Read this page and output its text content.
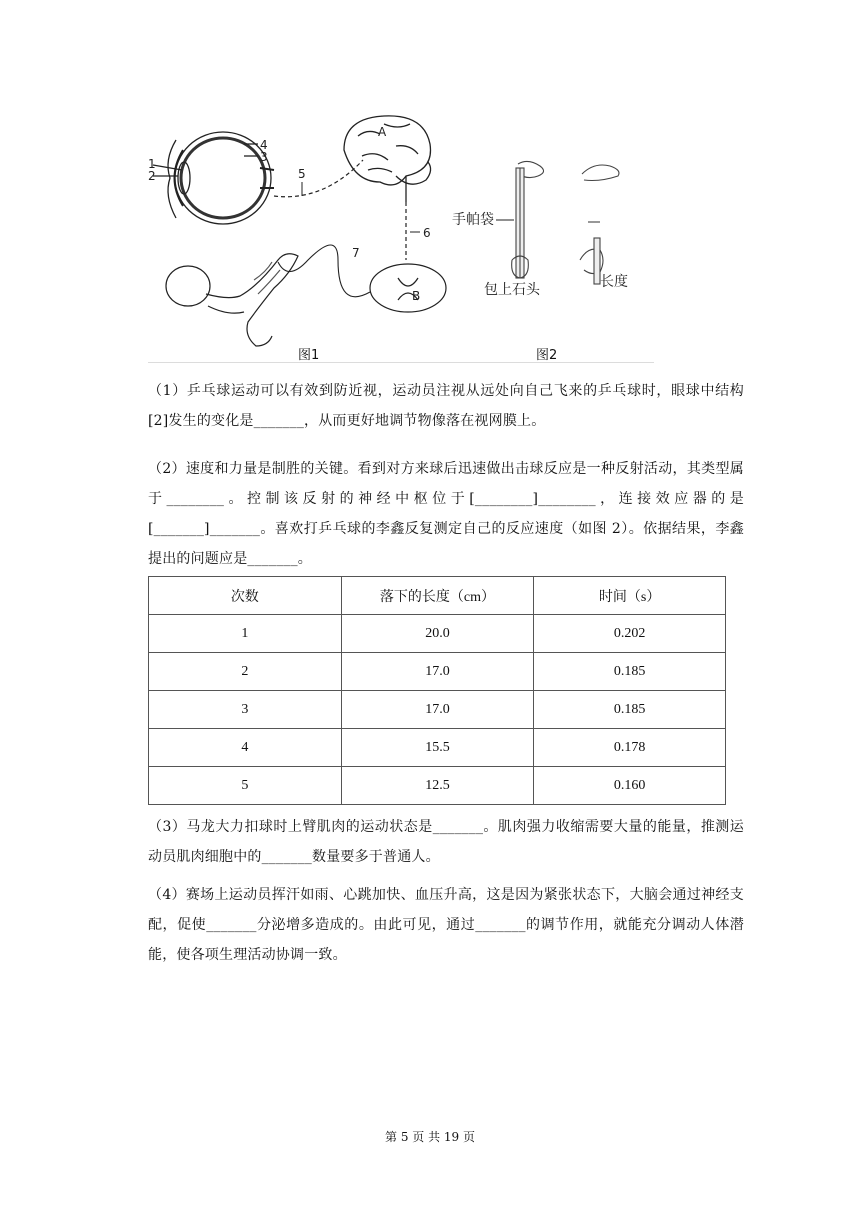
1
2
4
3
5
A
6
B
7
手帕袋
包上石头	长度
图1	图2
（1）乒乓球运动可以有效到防近视，运动员注视从远处向自己飞来的乒乓球时，眼球中结构[2]发生的变化是_______，从而更好地调节物像落在视网膜上。
（2）速度和力量是制胜的关键。看到对方来球后迅速做出击球反应是一种反射活动，其类型属于________。控制该反射的神经中枢位于[________]________，连接效应器的是[_______]_______。喜欢打乒乓球的李鑫反复测定自己的反应速度（如图 2）。依据结果，李鑫提出的问题应是_______。
次数	落下的长度（cm）	时间（s）
1	20.0	0.202
2	17.0	0.185
3	17.0	0.185
4	15.5	0.178
5	12.5	0.160
（3）马龙大力扣球时上臂肌肉的运动状态是_______。肌肉强力收缩需要大量的能量，推测运动员肌肉细胞中的_______数量要多于普通人。
（4）赛场上运动员挥汗如雨、心跳加快、血压升高，这是因为紧张状态下，大脑会通过神经支配，促使_______分泌增多造成的。由此可见，通过_______的调节作用，就能充分调动人体潜能，使各项生理活动协调一致。
第 5 页 共 19 页
